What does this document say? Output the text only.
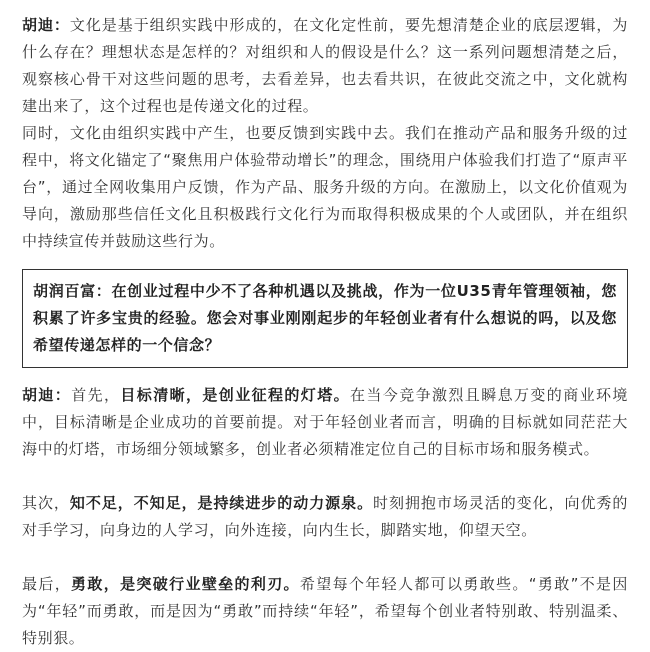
胡迪：文化是基于组织实践中形成的，在文化定性前，要先想清楚企业的底层逻辑，为什么存在？理想状态是怎样的？对组织和人的假设是什么？这一系列问题想清楚之后，观察核心骨干对这些问题的思考，去看差异，也去看共识，在彼此交流之中，文化就构建出来了，这个过程也是传递文化的过程。

同时，文化由组织实践中产生，也要反馈到实践中去。我们在推动产品和服务升级的过程中，将文化锚定了“聚焦用户体验带动增长”的理念，围绕用户体验我们打造了“原声平台”，通过全网收集用户反馈，作为产品、服务升级的方向。在激励上，以文化价值观为导向，激励那些信任文化且积极践行文化行为而取得积极成果的个人或团队，并在组织中持续宣传并鼓励这些行为。

胡润百富：在创业过程中少不了各种机遇以及挑战，作为一位U35青年管理领袖，您积累了许多宝贵的经验。您会对事业刚刚起步的年轻创业者有什么想说的吗，以及您希望传递怎样的一个信念？

胡迪：首先，目标清晰，是创业征程的灯塔。在当今竞争激烈且瞬息万变的商业环境中，目标清晰是企业成功的首要前提。对于年轻创业者而言，明确的目标就如同茫茫大海中的灯塔，市场细分领域繁多，创业者必须精准定位自己的目标市场和服务模式。

其次，知不足，不知足，是持续进步的动力源泉。时刻拥抱市场灵活的变化，向优秀的对手学习，向身边的人学习，向外连接，向内生长，脚踏实地，仰望天空。

最后，勇敢，是突破行业壁垒的利刃。希望每个年轻人都可以勇敢些。“勇敢”不是因为“年轻”而勇敢，而是因为“勇敢”而持续“年轻”，希望每个创业者特别敢、特别温柔、特别狠。
